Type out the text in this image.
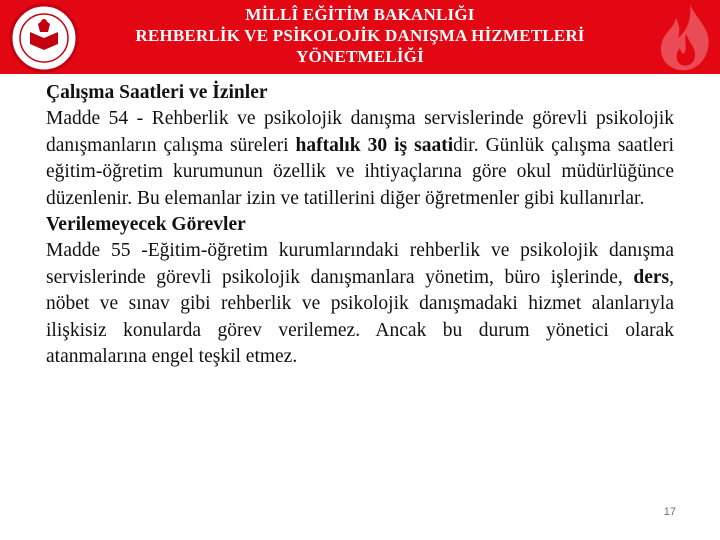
MİLLÎ EĞİTİM BAKANLIĞI
REHBERLİK VE PSİKOLOJİK DANIŞMA HİZMETLERİ
YÖNETMELİĞİ
Çalışma Saatleri ve İzinler
Madde 54 - Rehberlik ve psikolojik danışma servislerinde görevli psikolojik danışmanların çalışma süreleri haftalık 30 iş saatidir. Günlük çalışma saatleri eğitim-öğretim kurumunun özellik ve ihtiyaçlarına göre okul müdürlüğünce düzenlenir. Bu elemanlar izin ve tatillerini diğer öğretmenler gibi kullanırlar.
Verilemeyecek Görevler
Madde 55 -Eğitim-öğretim kurumlarındaki rehberlik ve psikolojik danışma servislerinde görevli psikolojik danışmanlara yönetim, büro işlerinde, ders, nöbet ve sınav gibi rehberlik ve psikolojik danışmadaki hizmet alanlarıyla ilişkisiz konularda görev verilemez. Ancak bu durum yönetici olarak atanmalarına engel teşkil etmez.
17
